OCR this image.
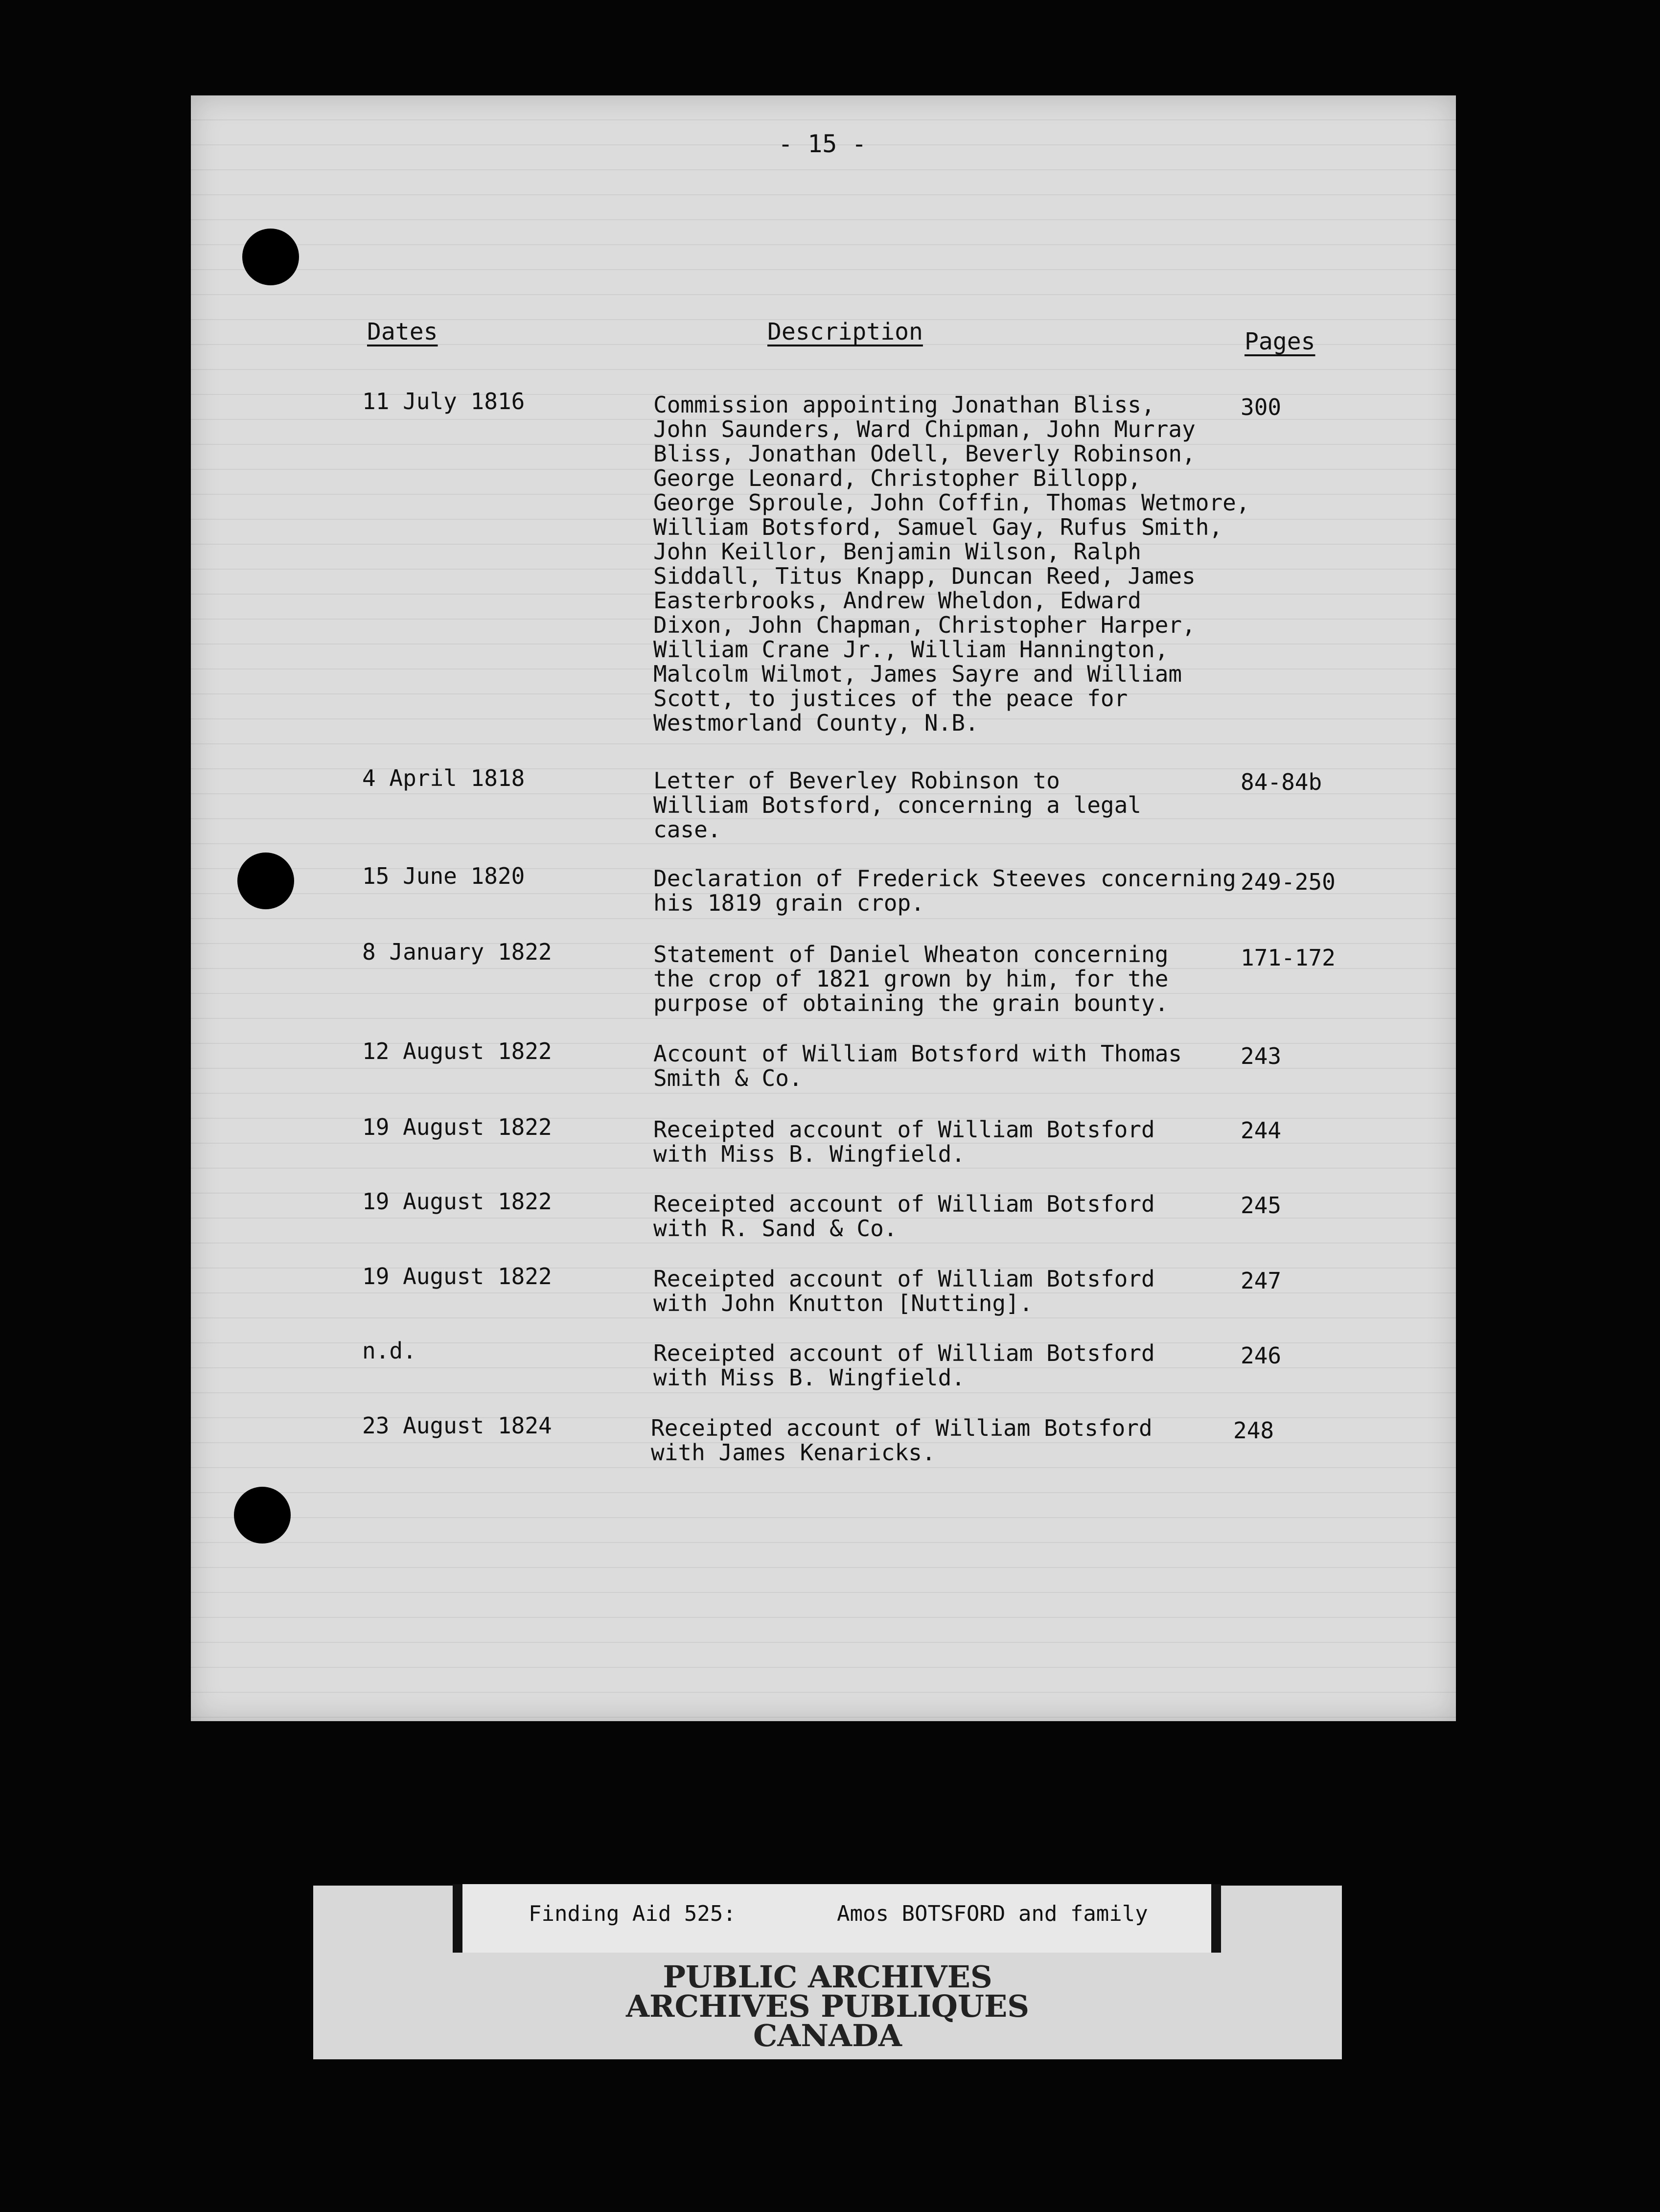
- 15 -
Dates	Description	Pages
11 July 1816	Commission appointing Jonathan Bliss,
John Saunders, Ward Chipman, John Murray
Bliss, Jonathan Odell, Beverly Robinson,
George Leonard, Christopher Billopp,
George Sproule, John Coffin, Thomas Wetmore,
William Botsford, Samuel Gay, Rufus Smith,
John Keillor, Benjamin Wilson, Ralph
Siddall, Titus Knapp, Duncan Reed, James
Easterbrooks, Andrew Wheldon, Edward
Dixon, John Chapman, Christopher Harper,
William Crane Jr., William Hannington,
Malcolm Wilmot, James Sayre and William
Scott, to justices of the peace for
Westmorland County, N.B.
300
4 April 1818	Letter of Beverley Robinson to
William Botsford, concerning a legal
case.
84-84b
15 June 1820	Declaration of Frederick Steeves concerning
his 1819 grain crop.
249-250
8 January 1822	Statement of Daniel Wheaton concerning
the crop of 1821 grown by him, for the
purpose of obtaining the grain bounty.
171-172
12 August 1822	Account of William Botsford with Thomas
Smith & Co.
243
19 August 1822	Receipted account of William Botsford
with Miss B. Wingfield.
244
19 August 1822	Receipted account of William Botsford
with R. Sand & Co.
245
19 August 1822	Receipted account of William Botsford
with John Knutton [Nutting].
247
n.d.	Receipted account of William Botsford
with Miss B. Wingfield.
246
23 August 1824	Receipted account of William Botsford
with James Kenaricks.
248
Finding Aid 525:	Amos BOTSFORD and family
PUBLIC ARCHIVES
ARCHIVES PUBLIQUES
CANADA
